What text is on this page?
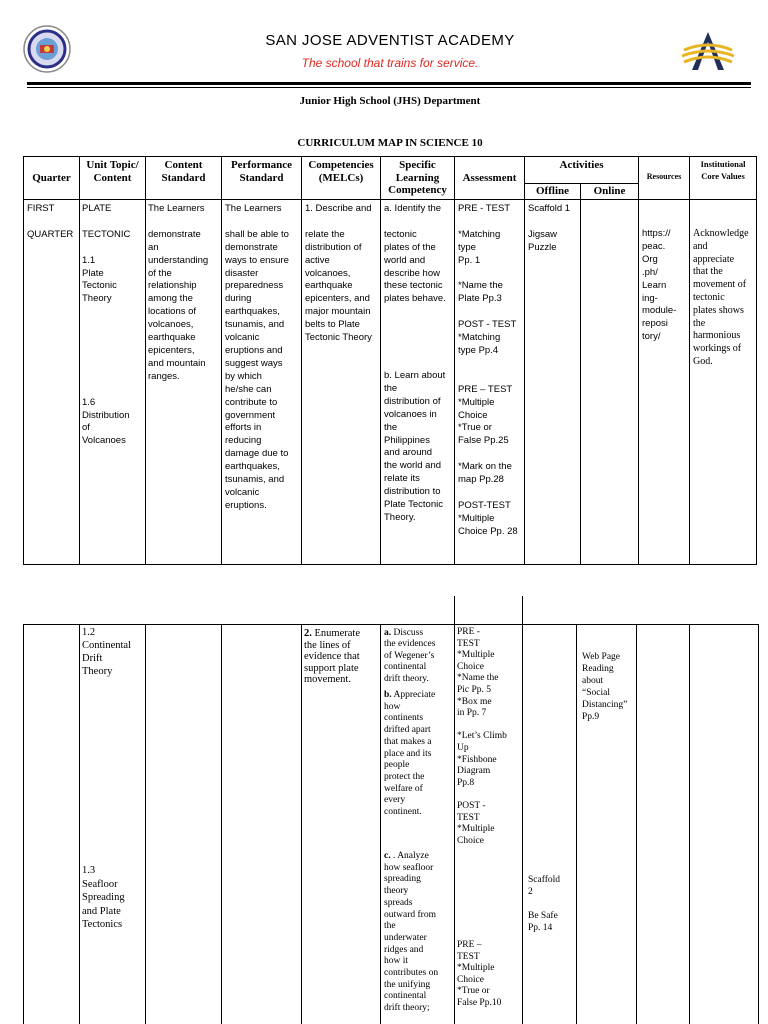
SAN JOSE ADVENTIST ACADEMY
The school that trains for service.
Junior High School (JHS) Department
CURRICULUM MAP IN SCIENCE 10
Quarter
Unit Topic/
Content
Content
Standard
Performance
Standard
Competencies
(MELCs)
Specific
Learning
Competency
Assessment
Activities
Offline	Online
Resources
Institutional
Core Values
FIRST

QUARTER
PLATE

TECTONIC

1.1
Plate
Tectonic
Theory

1.6
Distribution
of
Volcanoes
The Learners

demonstrate
an
understanding
of the
relationship
among the
locations of
volcanoes,
earthquake
epicenters,
and mountain
ranges.
The Learners

shall be able to
demonstrate
ways to ensure
disaster
preparedness
during
earthquakes,
tsunamis, and
volcanic
eruptions and
suggest ways
by which
he/she can
contribute to
government
efforts in
reducing
damage due to
earthquakes,
tsunamis, and
volcanic
eruptions.
1. Describe and

relate the
distribution of
active
volcanoes,
earthquake
epicenters, and
major mountain
belts to Plate
Tectonic Theory
a. Identify the

tectonic
plates of the
world and
describe how
these tectonic
plates behave.
b. Learn about
the
distribution of
volcanoes in
the
Philippines
and around
the world and
relate its
distribution to
Plate Tectonic
Theory.
PRE - TEST

*Matching
type
Pp. 1

*Name the
Plate Pp.3

POST - TEST
*Matching
type Pp.4

PRE – TEST
*Multiple
Choice
*True or
False Pp.25

*Mark on the
map Pp.28

POST-TEST
*Multiple
Choice Pp. 28
Scaffold 1

Jigsaw
Puzzle
https://
peac.
Org
.ph/
Learn
ing-
module-
reposi
tory/
Acknowledge
and
appreciate
that the
movement of
tectonic
plates shows
the
harmonious
workings of
God.
1.2
Continental
Drift
Theory
1.3
Seafloor
Spreading
and Plate
Tectonics
2. Enumerate
the lines of
evidence that
support plate
movement.
a. Discuss
the evidences
of Wegener’s
continental
drift theory.
b. Appreciate
how
continents
drifted apart
that makes a
place and its
people
protect the
welfare of
every
continent.
c. . Analyze
how seafloor
spreading
theory
spreads
outward from
the
underwater
ridges and
how it
contributes on
the unifying
continental
drift theory;
PRE -
TEST
*Multiple
Choice
*Name the
Pic Pp. 5
*Box me
in Pp. 7

*Let’s Climb
Up
*Fishbone
Diagram
Pp.8

POST -
TEST
*Multiple
Choice

PRE –
TEST
*Multiple
Choice
*True or
False Pp.10
Scaffold
2

Be Safe
Pp. 14
Web Page
Reading
about
“Social
Distancing”
Pp.9
